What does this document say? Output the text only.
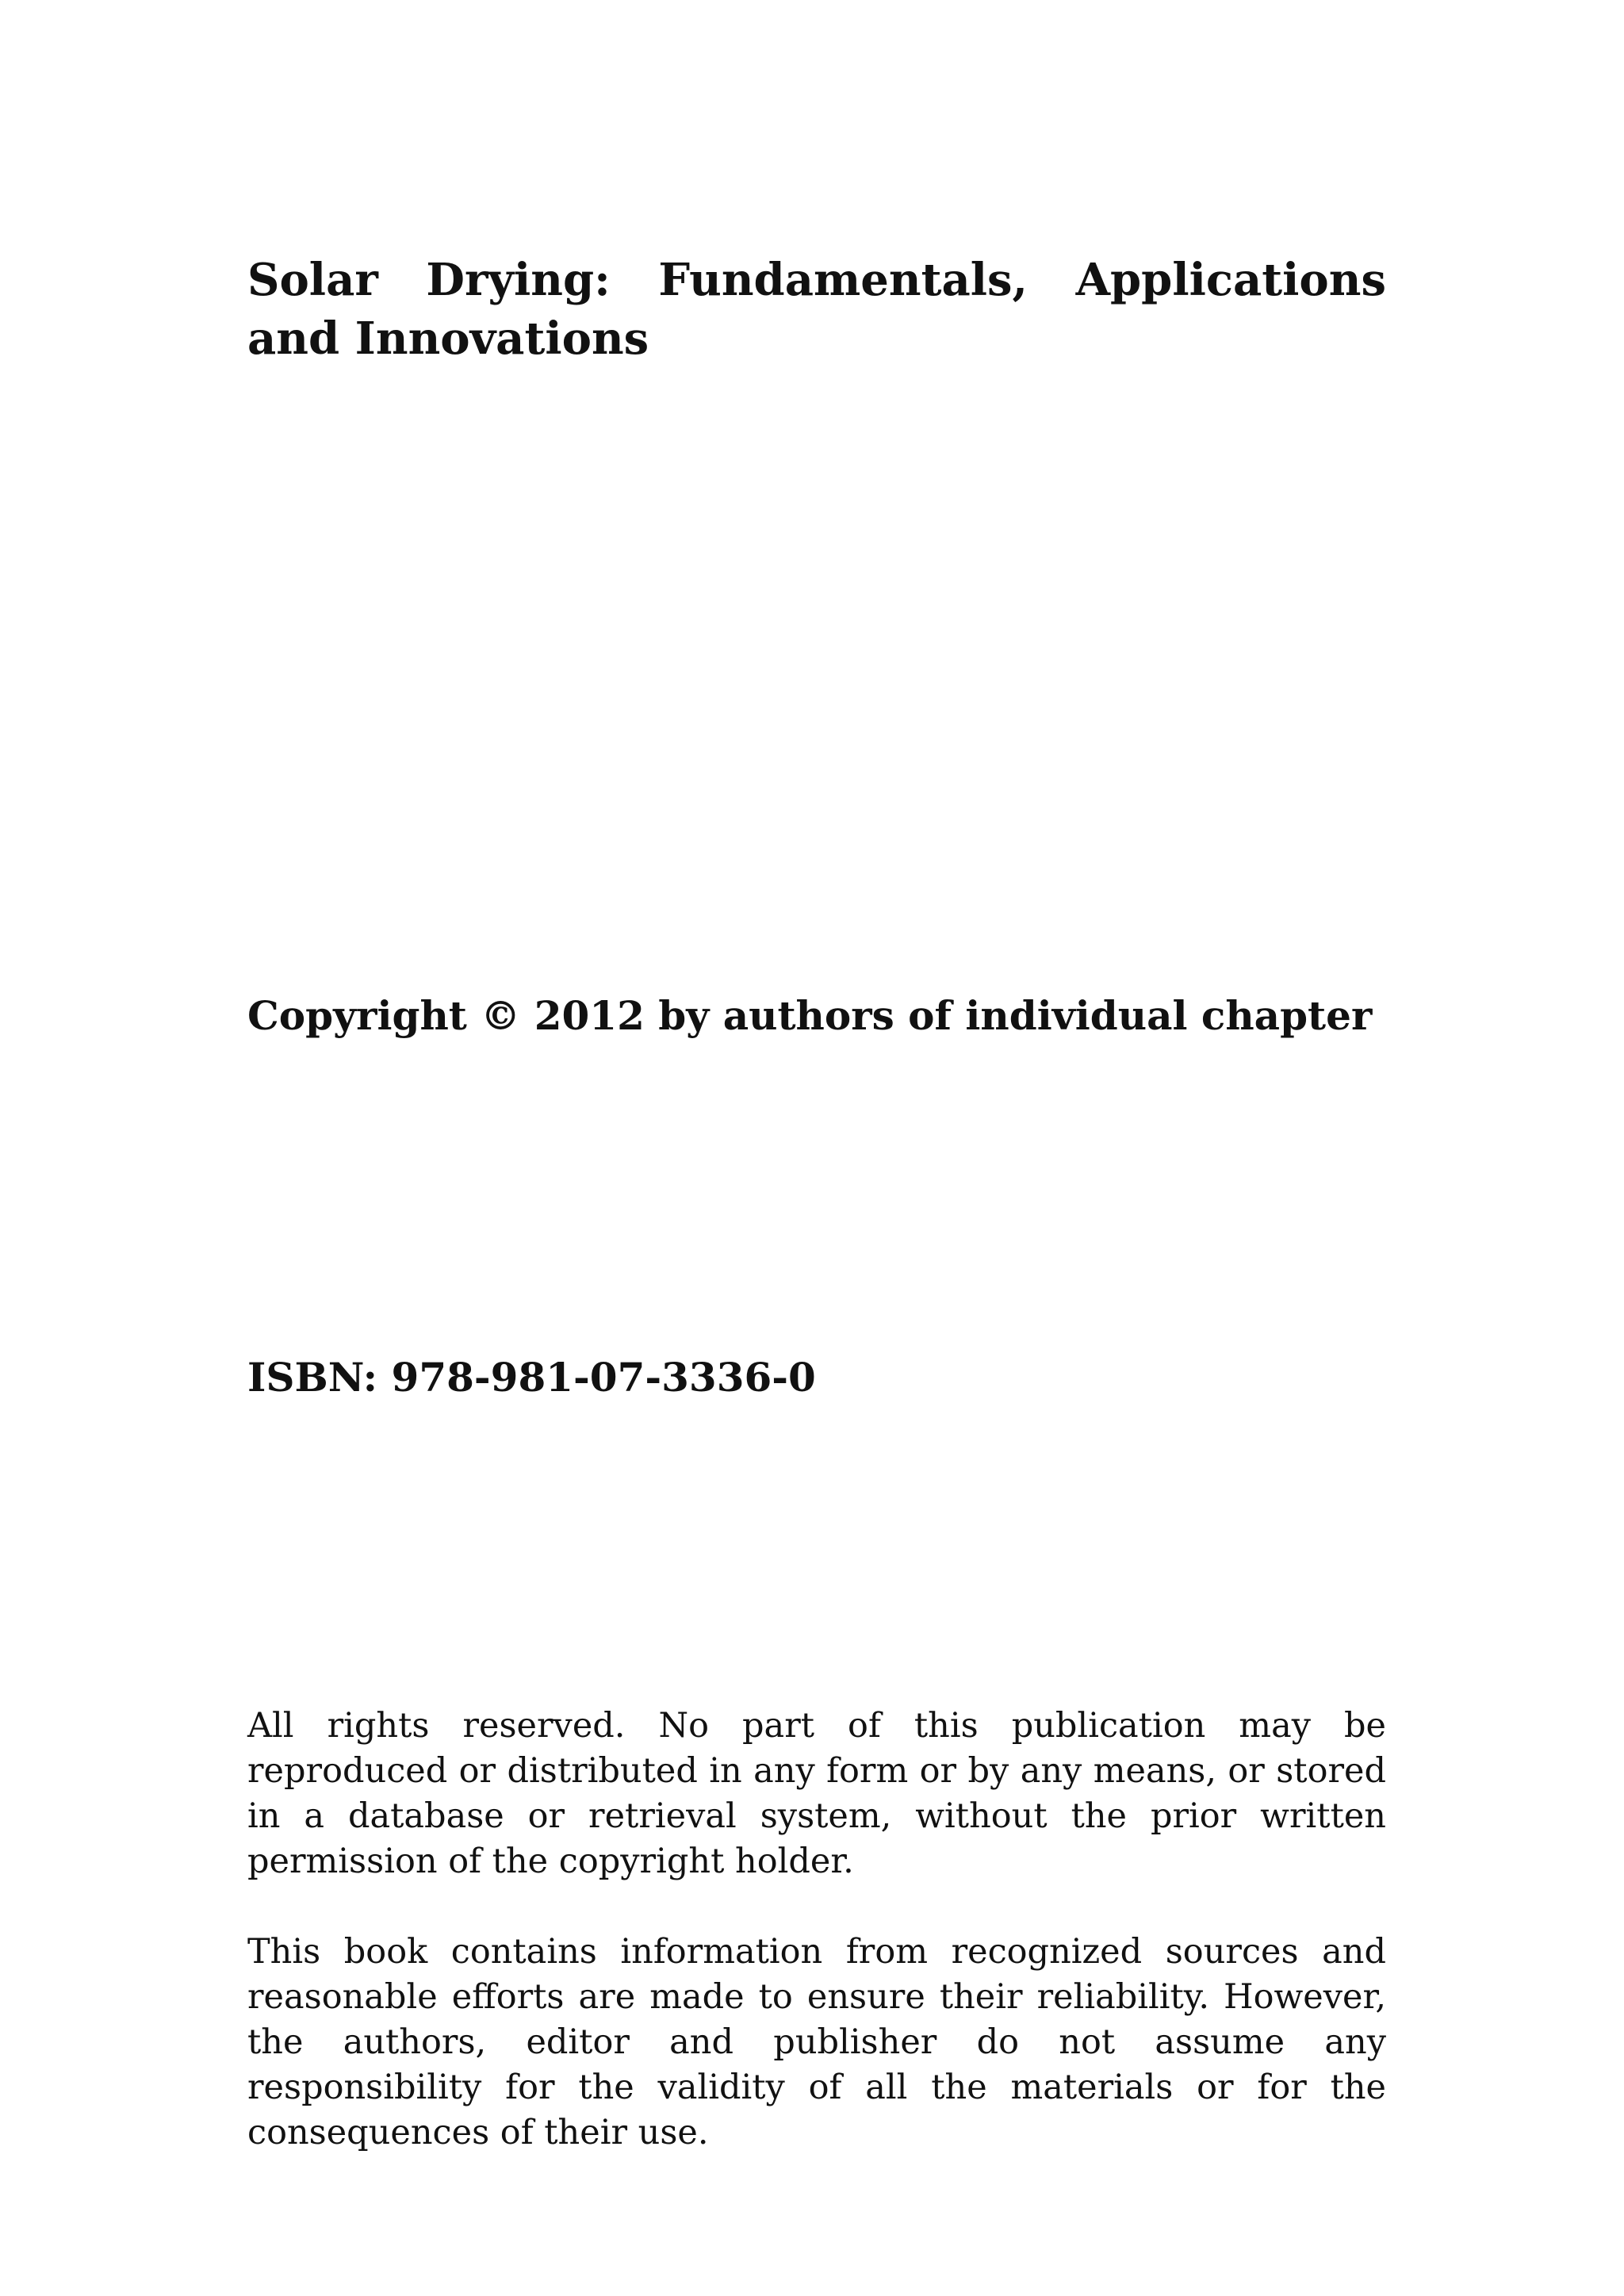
Solar Drying: Fundamentals, Applications and Innovations

Copyright © 2012 by authors of individual chapter

ISBN: 978-981-07-3336-0

All rights reserved. No part of this publication may be reproduced or distributed in any form or by any means, or stored in a database or retrieval system, without the prior written permission of the copyright holder.

This book contains information from recognized sources and reasonable efforts are made to ensure their reliability. However, the authors, editor and publisher do not assume any responsibility for the validity of all the materials or for the consequences of their use.
